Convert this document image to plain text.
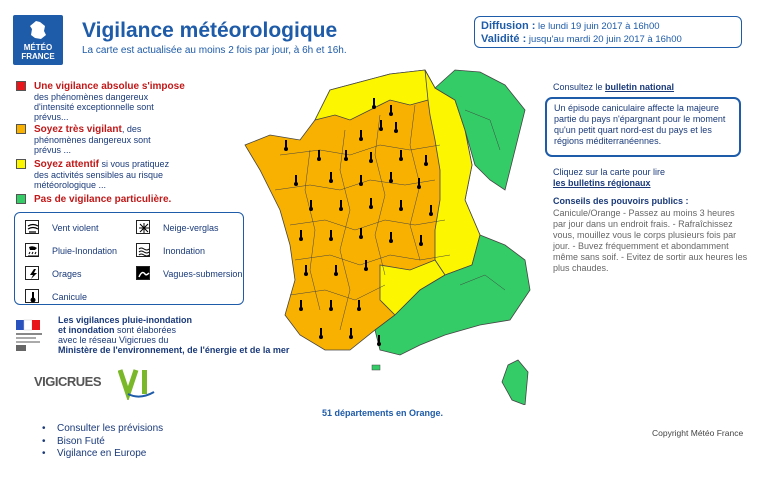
MÉTÉO
FRANCE
Vigilance météorologique
La carte est actualisée au moins 2 fois par jour, à 6h et 16h.
Diffusion : le lundi 19 juin 2017 à 16h00
Validité : jusqu'au mardi 20 juin 2017 à 16h00
Une vigilance absolue s'impose
des phénomènes dangereux d'intensité exceptionnelle sont prévus...
Soyez très vigilant, des phénomènes dangereux sont prévus ...
Soyez attentif si vous pratiquez des activités sensibles au risque météorologique ...
Pas de vigilance particulière.
Vent violent	Neige-verglas
Pluie-Inondation	Inondation
Orages	Vagues-submersion
Canicule
Les vigilances pluie-inondation
et inondation sont élaborées
avec le réseau Vigicrues du
Ministère de l'environnement, de l'énergie et de la mer
VIGICRUES
• Consulter les prévisions
• Bison Futé
• Vigilance en Europe
51 départements en Orange.
Consultez le bulletin national
Un épisode caniculaire affecte la majeure partie du pays n'épargnant pour le moment qu'un petit quart nord-est du pays et les régions méditerranéennes.
Cliquez sur la carte pour lire
les bulletins régionaux
Conseils des pouvoirs publics :
Canicule/Orange - Passez au moins 3 heures par jour dans un endroit frais. - Rafraîchissez vous, mouillez vous le corps plusieurs fois par jour. - Buvez fréquemment et abondamment même sans soif. - Evitez de sortir aux heures les plus chaudes.
Copyright Météo France
